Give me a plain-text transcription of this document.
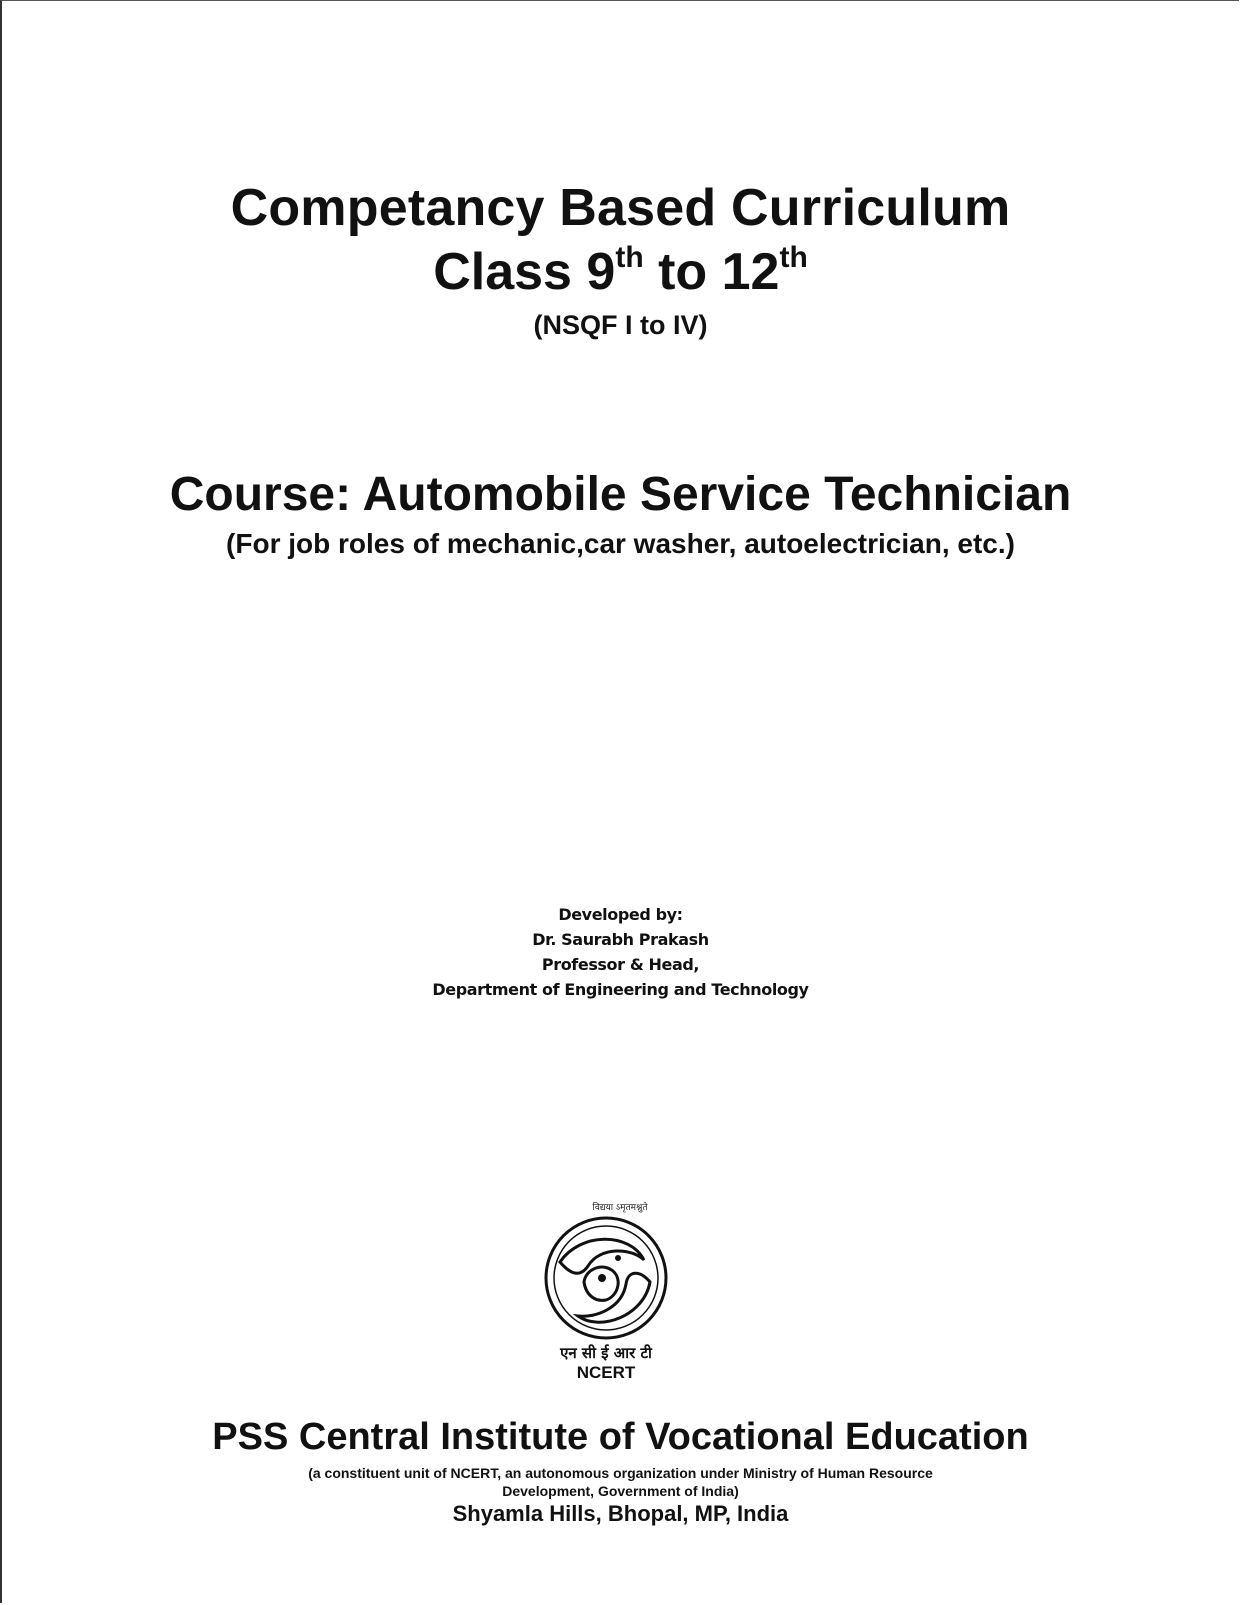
Competancy Based Curriculum
Class 9th to 12th
(NSQF I to IV)
Course: Automobile Service Technician
(For job roles of mechanic,car washer, autoelectrician, etc.)
Developed by:
Dr. Saurabh Prakash
Professor & Head,
Department of Engineering and Technology
विद्यया ऽमृतमश्नुते
एन सी ई आर टी
NCERT
PSS Central Institute of Vocational Education
(a constituent unit of NCERT, an autonomous organization under Ministry of Human Resource
Development, Government of India)
Shyamla Hills, Bhopal, MP, India
